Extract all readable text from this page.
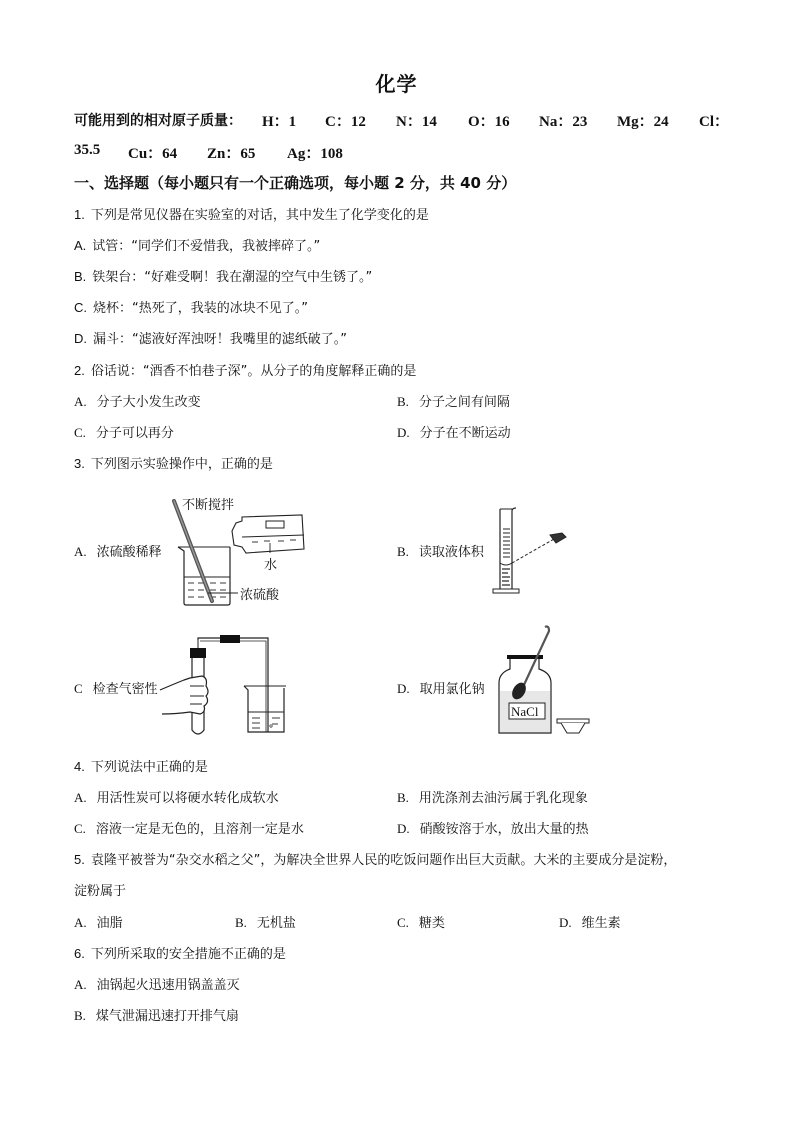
化学
可能用到的相对原子质量： H：1 C：12 N：14 O：16 Na：23 Mg：24 Cl：
35.5 Cu：64 Zn：65 Ag：108
一、选择题（每小题只有一个正确选项，每小题 2 分，共 40 分）
1. 下列是常见仪器在实验室的对话，其中发生了化学变化的是
A. 试管：“同学们不爱惜我，我被摔碎了。”
B. 铁架台：“好难受啊！我在潮湿的空气中生锈了。”
C. 烧杯：“热死了，我装的冰块不见了。”
D. 漏斗：“滤液好浑浊呀！我嘴里的滤纸破了。”
2. 俗话说：“酒香不怕巷子深”。从分子的角度解释正确的是
A. 分子大小发生改变	B. 分子之间有间隔
C. 分子可以再分	D. 分子在不断运动
3. 下列图示实验操作中，正确的是
A. 浓硫酸稀释
不断搅拌
水
浓硫酸
B. 读取液体积
C 检查气密性	D. 取用氯化钠
NaCl
4. 下列说法中正确的是
A. 用活性炭可以将硬水转化成软水	B. 用洗涤剂去油污属于乳化现象
C. 溶液一定是无色的，且溶剂一定是水	D. 硝酸铵溶于水，放出大量的热
5. 袁隆平被誉为“杂交水稻之父”，为解决全世界人民的吃饭问题作出巨大贡献。大米的主要成分是淀粉，
淀粉属于
A. 油脂	B. 无机盐	C. 糖类	D. 维生素
6. 下列所采取的安全措施不正确的是
A. 油锅起火迅速用锅盖盖灭
B. 煤气泄漏迅速打开排气扇
